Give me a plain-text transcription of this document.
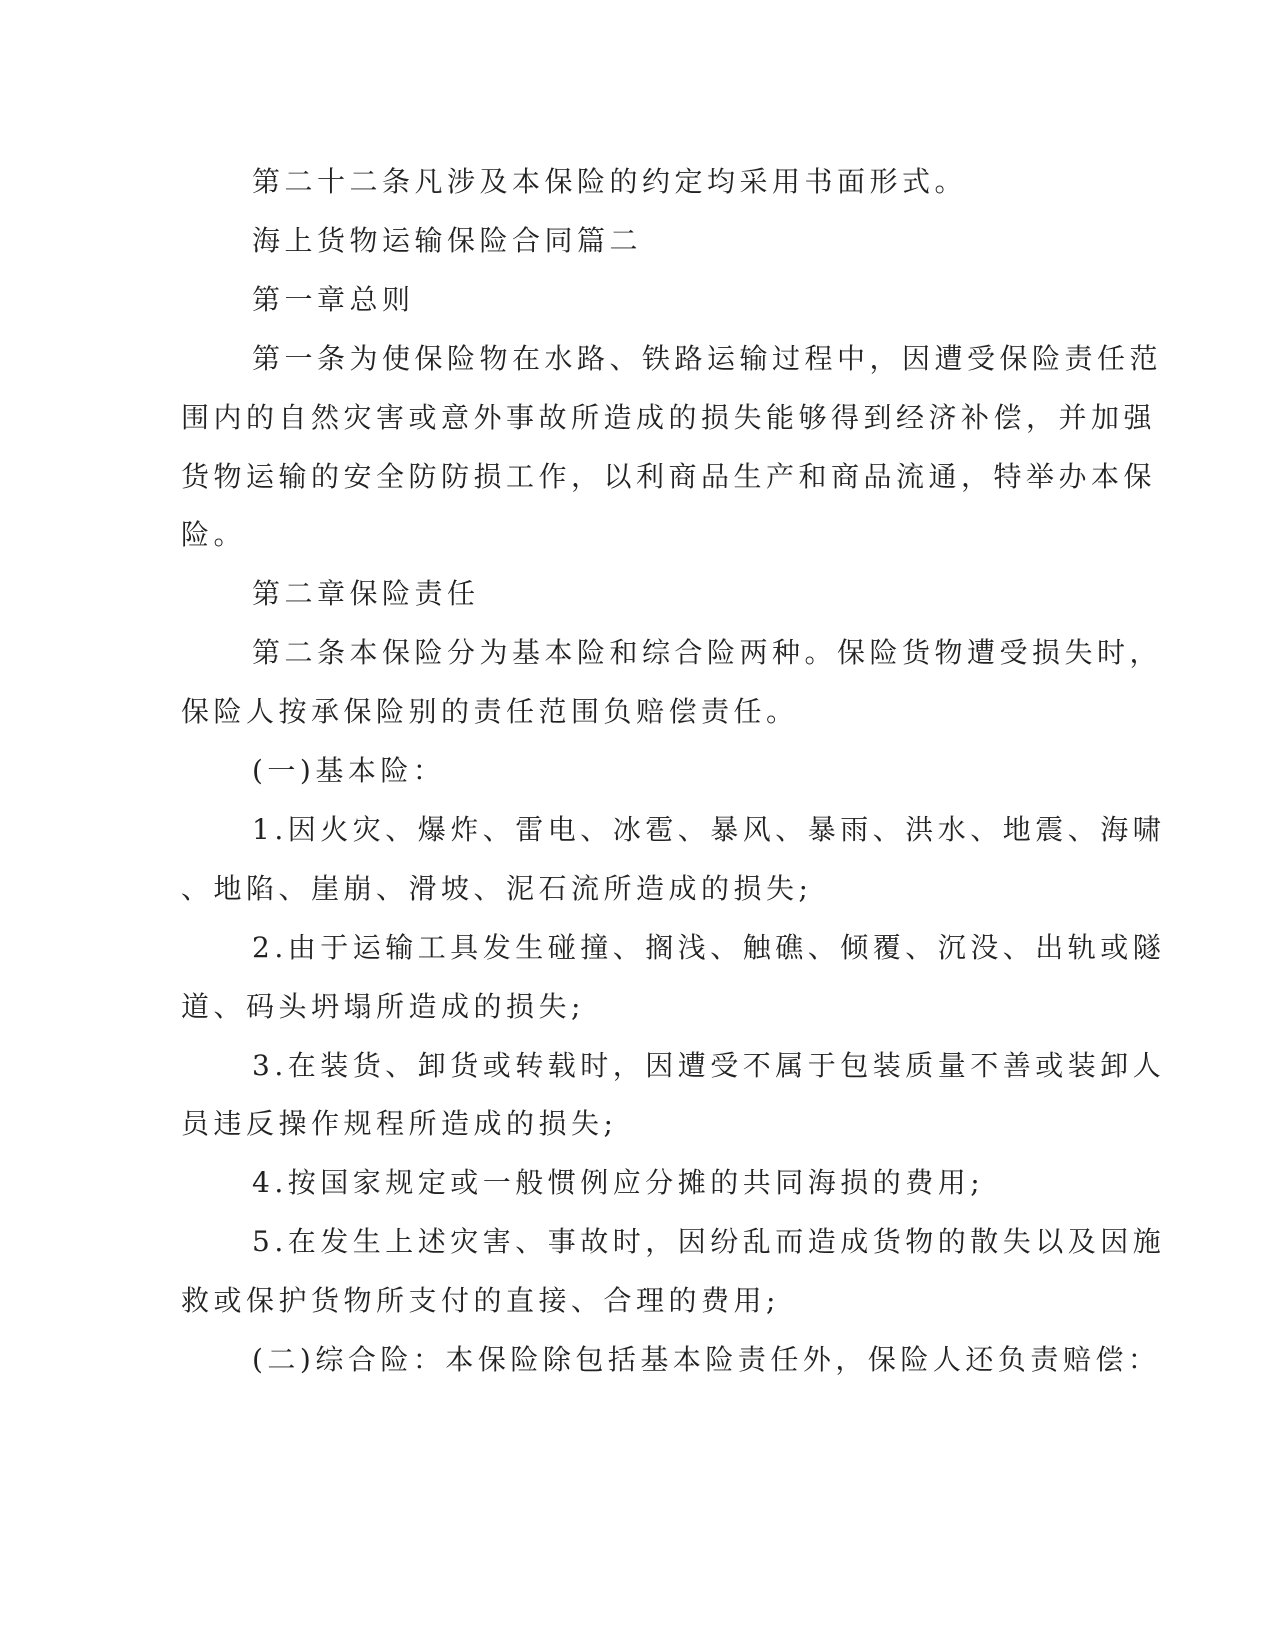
第二十二条凡涉及本保险的约定均采用书面形式。
海上货物运输保险合同篇二
第一章总则
第一条为使保险物在水路、铁路运输过程中，因遭受保险责任范
围内的自然灾害或意外事故所造成的损失能够得到经济补偿，并加强
货物运输的安全防防损工作，以利商品生产和商品流通，特举办本保
险。
第二章保险责任
第二条本保险分为基本险和综合险两种。保险货物遭受损失时，
保险人按承保险别的责任范围负赔偿责任。
(一)基本险：
1.因火灾、爆炸、雷电、冰雹、暴风、暴雨、洪水、地震、海啸
、地陷、崖崩、滑坡、泥石流所造成的损失;
2.由于运输工具发生碰撞、搁浅、触礁、倾覆、沉没、出轨或隧
道、码头坍塌所造成的损失;
3.在装货、卸货或转载时，因遭受不属于包装质量不善或装卸人
员违反操作规程所造成的损失;
4.按国家规定或一般惯例应分摊的共同海损的费用;
5.在发生上述灾害、事故时，因纷乱而造成货物的散失以及因施
救或保护货物所支付的直接、合理的费用;
(二)综合险：本保险除包括基本险责任外，保险人还负责赔偿：
